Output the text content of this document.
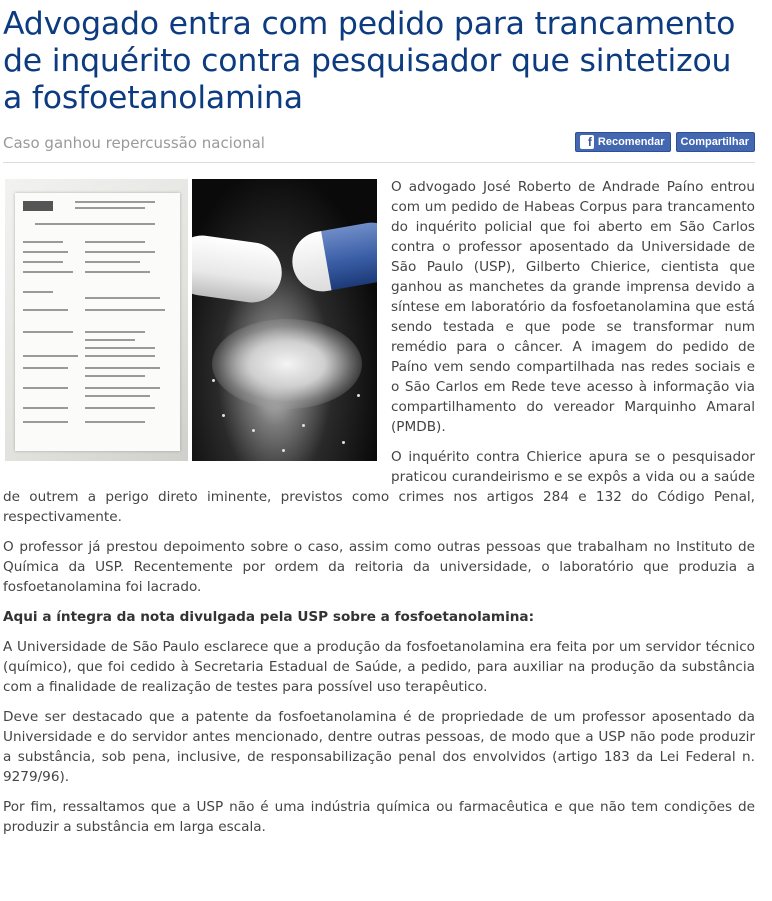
Advogado entra com pedido para trancamento de inquérito contra pesquisador que sintetizou a fosfoetanolamina
Caso ganhou repercussão nacional	f Recomendar Compartilhar

O advogado José Roberto de Andrade Paíno entrou com um pedido de Habeas Corpus para trancamento do inquérito policial que foi aberto em São Carlos contra o professor aposentado da Universidade de São Paulo (USP), Gilberto Chierice, cientista que ganhou as manchetes da grande imprensa devido a síntese em laboratório da fosfoetanolamina que está sendo testada e que pode se transformar num remédio para o câncer. A imagem do pedido de Paíno vem sendo compartilhada nas redes sociais e o São Carlos em Rede teve acesso à informação via compartilhamento do vereador Marquinho Amaral (PMDB).

O inquérito contra Chierice apura se o pesquisador praticou curandeirismo e se expôs a vida ou a saúde de outrem a perigo direto iminente, previstos como crimes nos artigos 284 e 132 do Código Penal, respectivamente.

O professor já prestou depoimento sobre o caso, assim como outras pessoas que trabalham no Instituto de Química da USP. Recentemente por ordem da reitoria da universidade, o laboratório que produzia a fosfoetanolamina foi lacrado.

Aqui a íntegra da nota divulgada pela USP sobre a fosfoetanolamina:

A Universidade de São Paulo esclarece que a produção da fosfoetanolamina era feita por um servidor técnico (químico), que foi cedido à Secretaria Estadual de Saúde, a pedido, para auxiliar na produção da substância com a finalidade de realização de testes para possível uso terapêutico.

Deve ser destacado que a patente da fosfoetanolamina é de propriedade de um professor aposentado da Universidade e do servidor antes mencionado, dentre outras pessoas, de modo que a USP não pode produzir a substância, sob pena, inclusive, de responsabilização penal dos envolvidos (artigo 183 da Lei Federal n. 9279/96).

Por fim, ressaltamos que a USP não é uma indústria química ou farmacêutica e que não tem condições de produzir a substância em larga escala.
